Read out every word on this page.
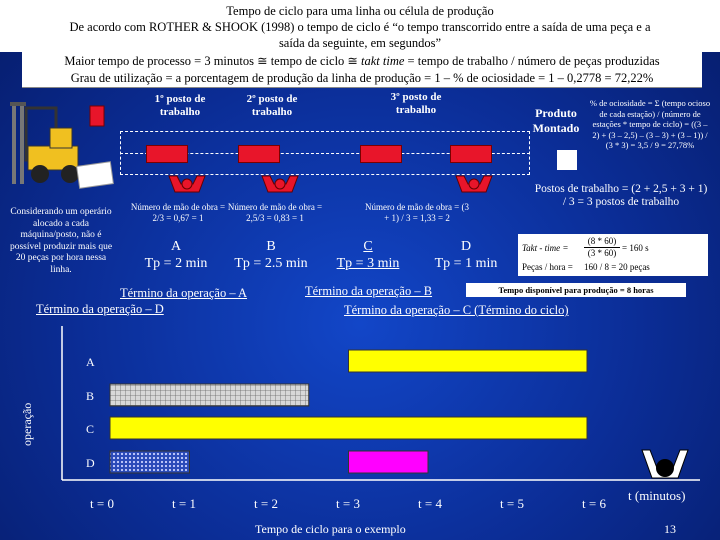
Tempo de ciclo para uma linha ou célula de produção
De acordo com ROTHER & SHOOK (1998) o tempo de ciclo é “o tempo transcorrido entre a saída de uma peça e a
saída da seguinte, em segundos”
Maior tempo de processo = 3 minutos ≅ tempo de ciclo ≅ takt time = tempo de trabalho / número de peças produzidas
Grau de utilização = a porcentagem de produção da linha de produção = 1 – % de ociosidade = 1 – 0,2778 = 72,22%
1º posto de trabalho
2º posto de trabalho
3º posto de trabalho	Produto Montado
% de ociosidade = Σ (tempo ocioso de cada estação) / (número de estações * tempo de ciclo) = ((3 – 2) + (3 – 2,5) – (3 – 3) + (3 – 1)) / (3 * 3) = 3,5 / 9 = 27,78%
Postos de trabalho = (2 + 2,5 + 3 + 1) / 3 = 3 postos de trabalho
Número de mão de obra = 2/3 = 0,67 = 1
Número de mão de obra = 2,5/3 = 0,83 = 1
Número de mão de obra = (3 + 1) / 3 = 1,33 = 2
Considerando um operário alocado a cada máquina/posto, não é possível produzir mais que 20 peças por hora nessa linha.
A
Tp = 2 min
B
Tp = 2.5 min
C
Tp = 3 min
D
Tp = 1 min
Takt - time =
(8 * 60)
(3 * 60) = 160 s
Peças / hora = 160 / 8 = 20 peças
Tempo disponível para produção = 8 horas
Término da operação – A	Término da operação – B
Término da operação – D	Término da operação – C (Término do ciclo)
operação
A
B
C
D
t = 0	t = 1	t = 2	t = 3	t = 4	t = 5	t = 6
t (minutos)
Tempo de ciclo para o exemplo	13
